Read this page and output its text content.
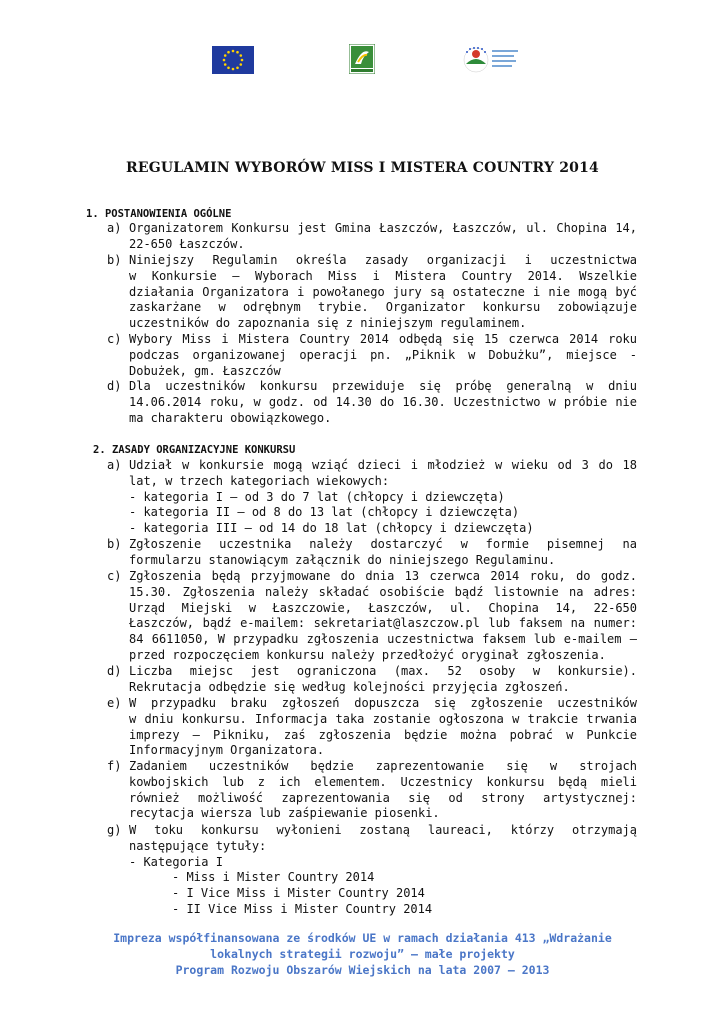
REGULAMIN WYBORÓW MISS I MISTERA COUNTRY 2014
1. POSTANOWIENIA OGÓLNE
a) Organizatorem Konkursu jest Gmina Łaszczów, Łaszczów, ul. Chopina 14,
22-650 Łaszczów.
b) Niniejszy Regulamin określa zasady organizacji i uczestnictwa
w Konkursie – Wyborach Miss i Mistera Country 2014. Wszelkie
działania Organizatora i powołanego jury są ostateczne i nie mogą być
zaskarżane w odrębnym trybie. Organizator konkursu zobowiązuje
uczestników do zapoznania się z niniejszym regulaminem.
c) Wybory Miss i Mistera Country 2014 odbędą się 15 czerwca 2014 roku
podczas organizowanej operacji pn. „Piknik w Dobużku”, miejsce -
Dobużek, gm. Łaszczów
d) Dla uczestników konkursu przewiduje się próbę generalną w dniu
14.06.2014 roku, w godz. od 14.30 do 16.30. Uczestnictwo w próbie nie
ma charakteru obowiązkowego.
2. ZASADY ORGANIZACYJNE KONKURSU
a) Udział w konkursie mogą wziąć dzieci i młodzież w wieku od 3 do 18
lat, w trzech kategoriach wiekowych:
- kategoria I – od 3 do 7 lat (chłopcy i dziewczęta)
- kategoria II – od 8 do 13 lat (chłopcy i dziewczęta)
- kategoria III – od 14 do 18 lat (chłopcy i dziewczęta)
b) Zgłoszenie uczestnika należy dostarczyć w formie pisemnej na
formularzu stanowiącym załącznik do niniejszego Regulaminu.
c) Zgłoszenia będą przyjmowane do dnia 13 czerwca 2014 roku, do godz.
15.30. Zgłoszenia należy składać osobiście bądź listownie na adres:
Urząd Miejski w Łaszczowie, Łaszczów, ul. Chopina 14, 22-650
Łaszczów, bądź e-mailem: sekretariat@laszczow.pl lub faksem na numer:
84 6611050, W przypadku zgłoszenia uczestnictwa faksem lub e-mailem –
przed rozpoczęciem konkursu należy przedłożyć oryginał zgłoszenia.
d) Liczba miejsc jest ograniczona (max. 52 osoby w konkursie).
Rekrutacja odbędzie się według kolejności przyjęcia zgłoszeń.
e) W przypadku braku zgłoszeń dopuszcza się zgłoszenie uczestników
w dniu konkursu. Informacja taka zostanie ogłoszona w trakcie trwania
imprezy – Pikniku, zaś zgłoszenia będzie można pobrać w Punkcie
Informacyjnym Organizatora.
f) Zadaniem uczestników będzie zaprezentowanie się w strojach
kowbojskich lub z ich elementem. Uczestnicy konkursu będą mieli
również możliwość zaprezentowania się od strony artystycznej:
recytacja wiersza lub zaśpiewanie piosenki.
g) W toku konkursu wyłonieni zostaną laureaci, którzy otrzymają
następujące tytuły:
- Kategoria I
- Miss i Mister Country 2014
- I Vice Miss i Mister Country 2014
- II Vice Miss i Mister Country 2014
Impreza współfinansowana ze środków UE w ramach działania 413 „Wdrażanie
lokalnych strategii rozwoju” – małe projekty
Program Rozwoju Obszarów Wiejskich na lata 2007 – 2013
